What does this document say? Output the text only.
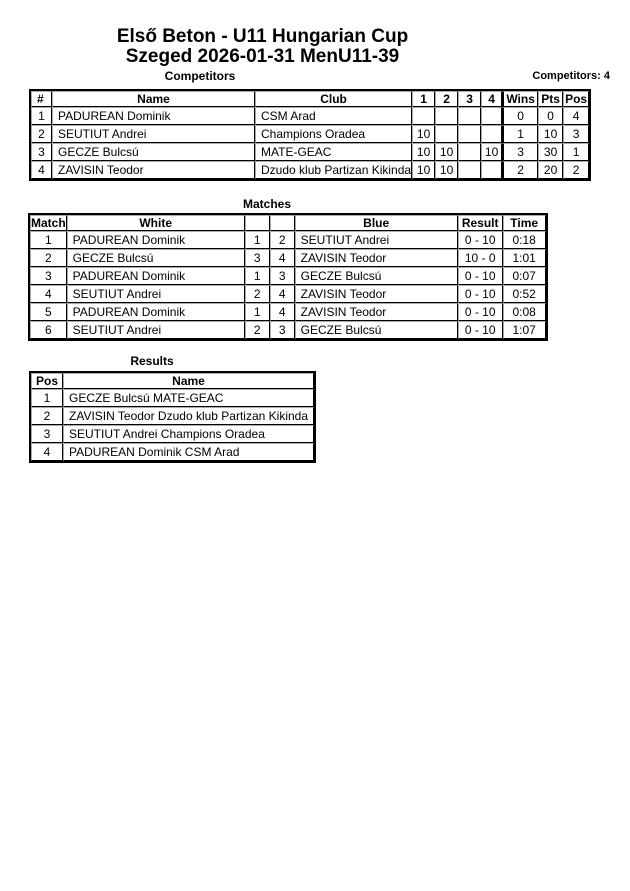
Első Beton - U11 Hungarian Cup
Szeged 2026-01-31 MenU11-39
Competitors	Competitors: 4
#	Name	Club	1	2	3	4	Wins	Pts	Pos
1	PADUREAN Dominik	CSM Arad					0	0	4
2	SEUTIUT Andrei	Champions Oradea	10				1	10	3
3	GECZE Bulcsú	MATE-GEAC	10	10		10	3	30	1
4	ZAVISIN Teodor	Dzudo klub Partizan Kikinda	10	10			2	20	2
Matches
Match	White			Blue	Result	Time
1	PADUREAN Dominik	1	2	SEUTIUT Andrei	0 - 10	0:18
2	GECZE Bulcsú	3	4	ZAVISIN Teodor	10 - 0	1:01
3	PADUREAN Dominik	1	3	GECZE Bulcsú	0 - 10	0:07
4	SEUTIUT Andrei	2	4	ZAVISIN Teodor	0 - 10	0:52
5	PADUREAN Dominik	1	4	ZAVISIN Teodor	0 - 10	0:08
6	SEUTIUT Andrei	2	3	GECZE Bulcsú	0 - 10	1:07
Results
Pos	Name
1	GECZE Bulcsú MATE-GEAC
2	ZAVISIN Teodor Dzudo klub Partizan Kikinda
3	SEUTIUT Andrei Champions Oradea
4	PADUREAN Dominik CSM Arad
